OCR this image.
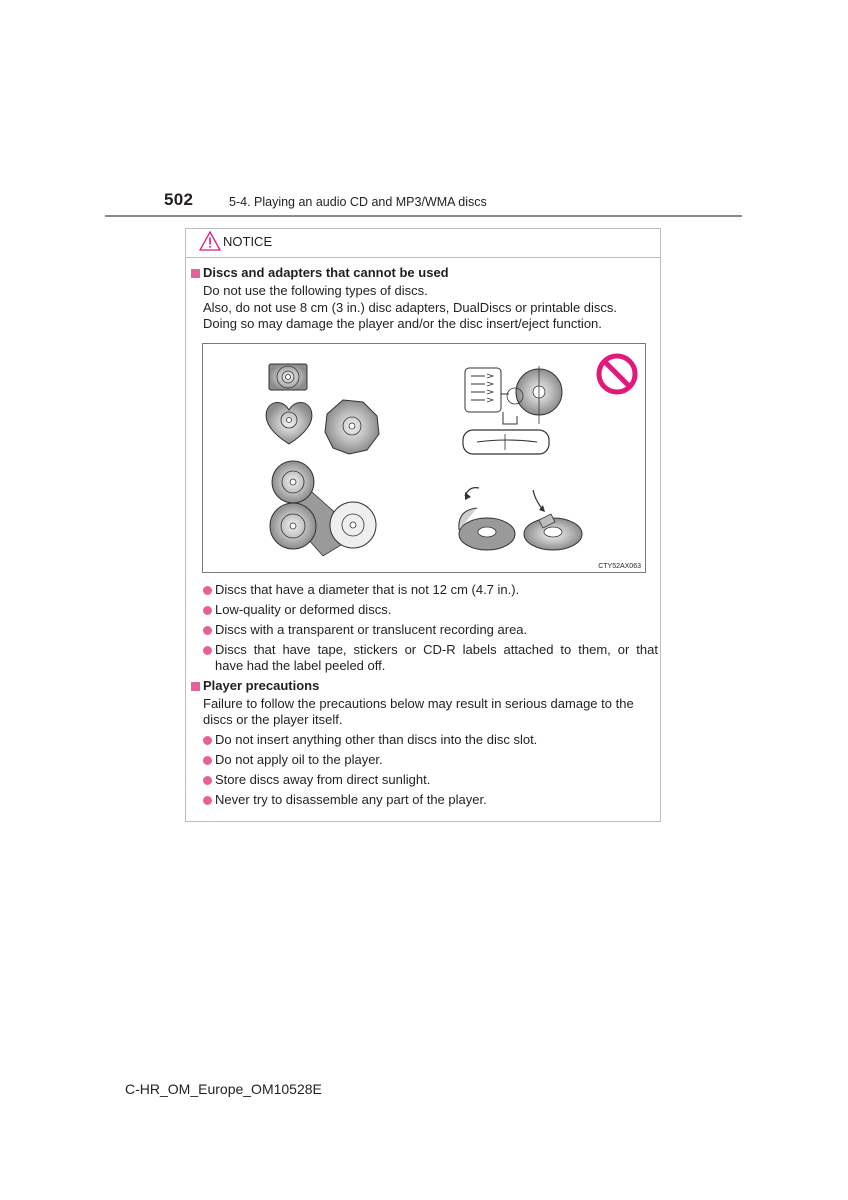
502	5-4. Playing an audio CD and MP3/WMA discs
NOTICE
Discs and adapters that cannot be used
Do not use the following types of discs.
Also, do not use 8 cm (3 in.) disc adapters, DualDiscs or printable discs.
Doing so may damage the player and/or the disc insert/eject function.
CTY52AX063
Discs that have a diameter that is not 12 cm (4.7 in.).
Low-quality or deformed discs.
Discs with a transparent or translucent recording area.
Discs that have tape, stickers or CD-R labels attached to them, or that
have had the label peeled off.
Player precautions
Failure to follow the precautions below may result in serious damage to the
discs or the player itself.
Do not insert anything other than discs into the disc slot.
Do not apply oil to the player.
Store discs away from direct sunlight.
Never try to disassemble any part of the player.
C-HR_OM_Europe_OM10528E
